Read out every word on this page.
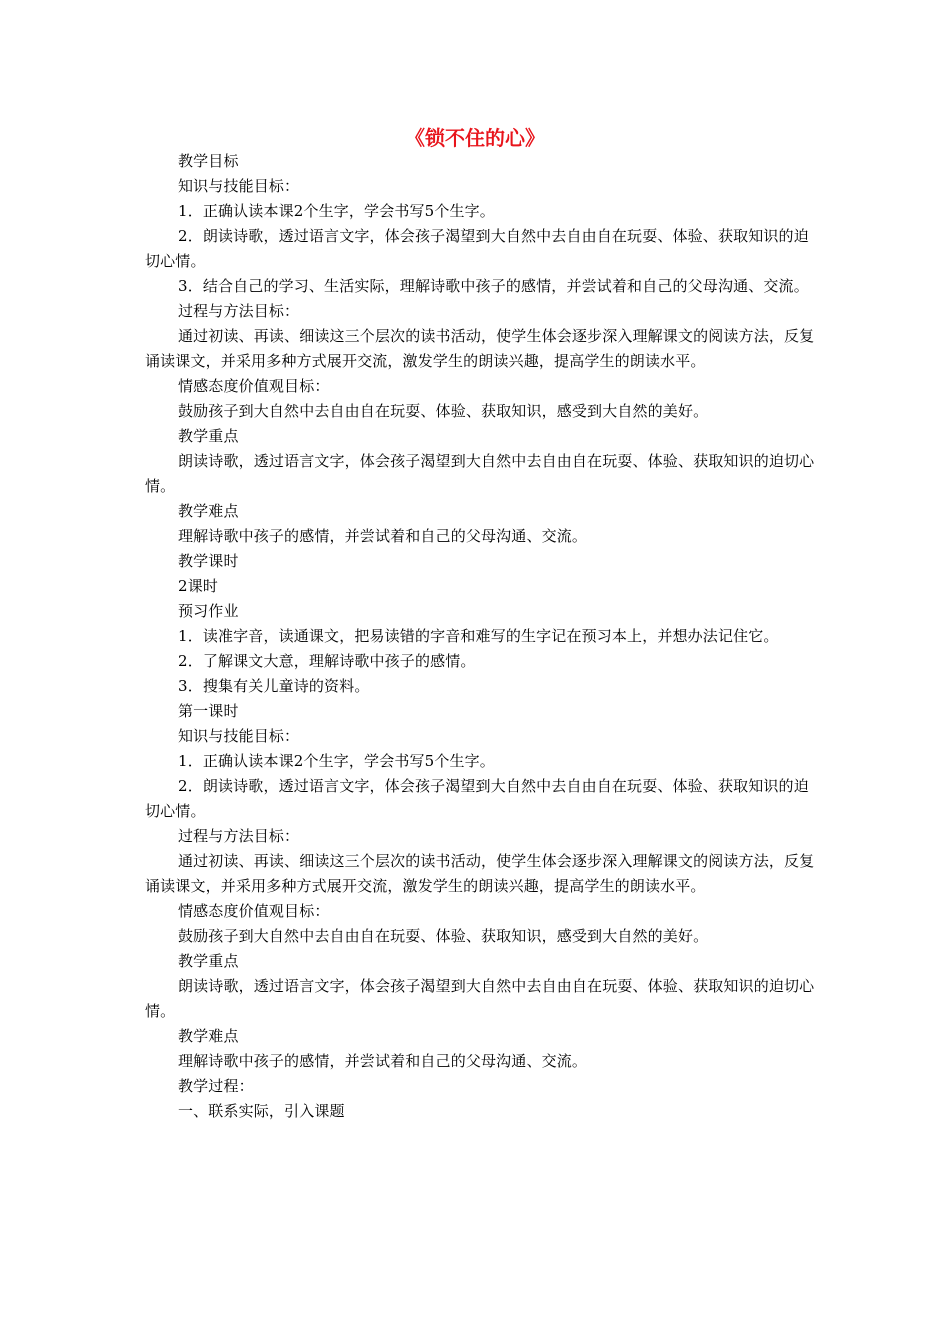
《锁不住的心》

教学目标

知识与技能目标：

1．正确认读本课2个生字，学会书写5个生字。

2．朗读诗歌，透过语言文字，体会孩子渴望到大自然中去自由自在玩耍、体验、获取知识的迫切心情。

3．结合自己的学习、生活实际，理解诗歌中孩子的感情，并尝试着和自己的父母沟通、交流。

过程与方法目标：

通过初读、再读、细读这三个层次的读书活动，使学生体会逐步深入理解课文的阅读方法，反复诵读课文，并采用多种方式展开交流，激发学生的朗读兴趣，提高学生的朗读水平。

情感态度价值观目标：

鼓励孩子到大自然中去自由自在玩耍、体验、获取知识，感受到大自然的美好。

教学重点

朗读诗歌，透过语言文字，体会孩子渴望到大自然中去自由自在玩耍、体验、获取知识的迫切心情。

教学难点

理解诗歌中孩子的感情，并尝试着和自己的父母沟通、交流。

教学课时

2课时

预习作业

1．读准字音，读通课文，把易读错的字音和难写的生字记在预习本上，并想办法记住它。

2．了解课文大意，理解诗歌中孩子的感情。

3．搜集有关儿童诗的资料。

第一课时

知识与技能目标：

1．正确认读本课2个生字，学会书写5个生字。

2．朗读诗歌，透过语言文字，体会孩子渴望到大自然中去自由自在玩耍、体验、获取知识的迫切心情。

过程与方法目标：

通过初读、再读、细读这三个层次的读书活动，使学生体会逐步深入理解课文的阅读方法，反复诵读课文，并采用多种方式展开交流，激发学生的朗读兴趣，提高学生的朗读水平。

情感态度价值观目标：

鼓励孩子到大自然中去自由自在玩耍、体验、获取知识，感受到大自然的美好。

教学重点

朗读诗歌，透过语言文字，体会孩子渴望到大自然中去自由自在玩耍、体验、获取知识的迫切心情。

教学难点

理解诗歌中孩子的感情，并尝试着和自己的父母沟通、交流。

教学过程：

一、联系实际，引入课题
